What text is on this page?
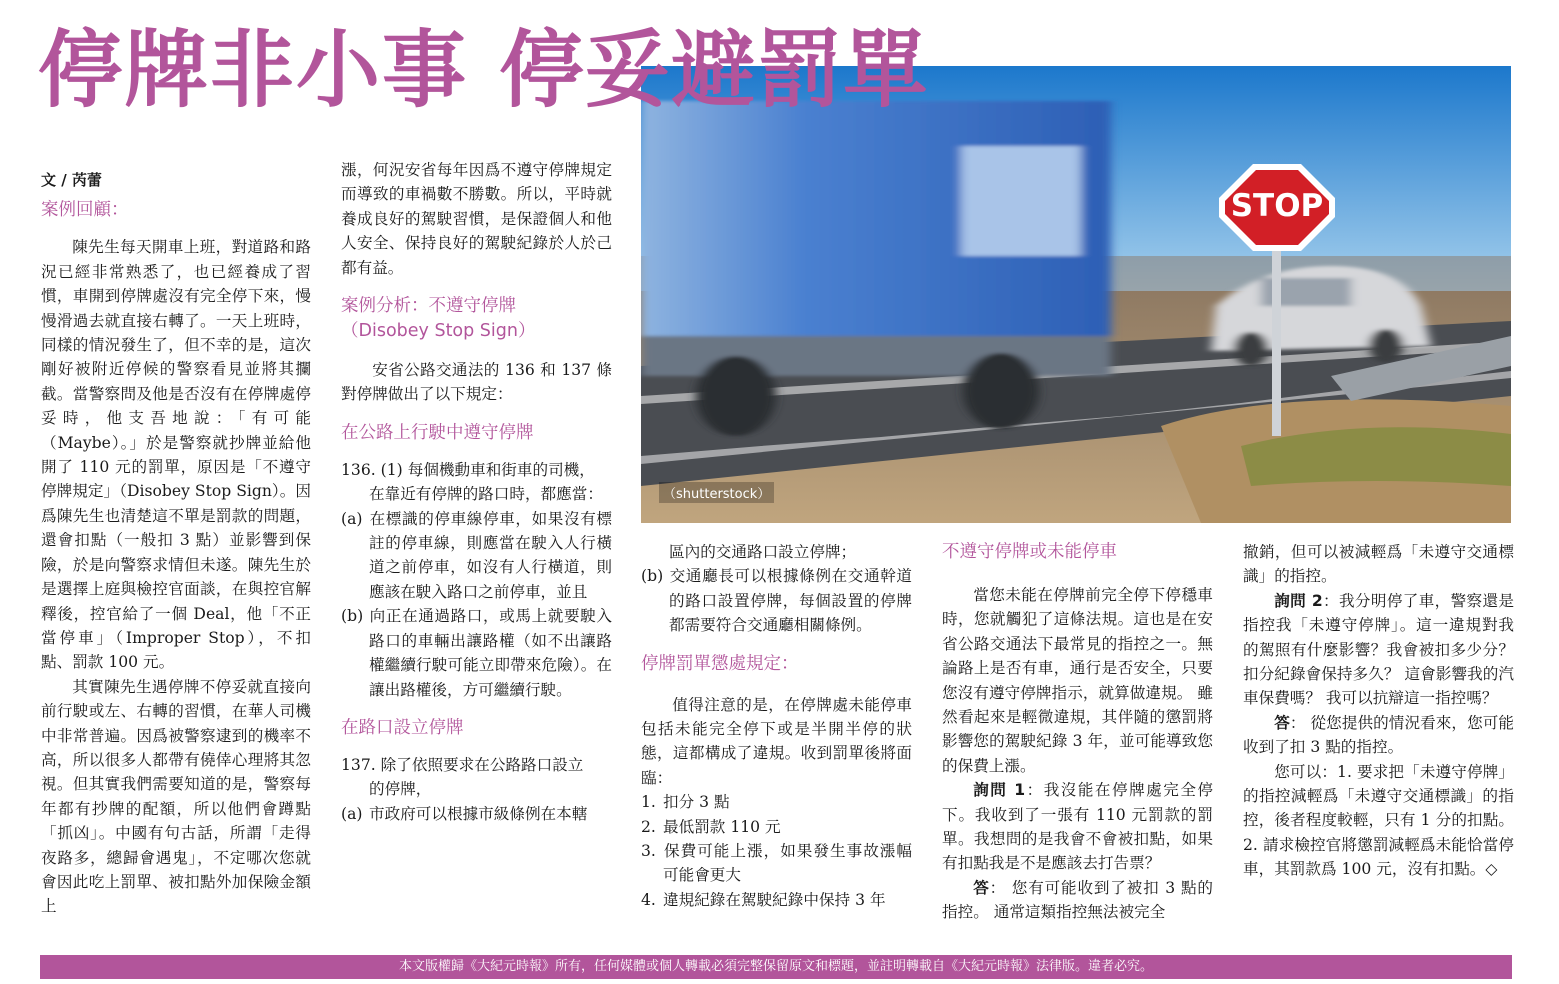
停牌非小事 停妥避罰單
STOP
（shutterstock）

文 / 芮蕾

案例回顧：

陳先生每天開車上班，對道路和路況已經非常熟悉了，也已經養成了習慣，車開到停牌處沒有完全停下來，慢慢滑過去就直接右轉了。一天上班時，同樣的情況發生了，但不幸的是，這次剛好被附近停候的警察看見並將其攔截。當警察問及他是否沒有在停牌處停妥時，他支吾地說：「有可能（Maybe）。」於是警察就抄牌並給他開了 110 元的罰單，原因是「不遵守停牌規定」（Disobey Stop Sign）。因爲陳先生也清楚這不單是罰款的問題，還會扣點（一般扣 3 點）並影響到保險，於是向警察求情但未遂。陳先生於是選擇上庭與檢控官面談，在與控官解釋後，控官給了一個 Deal，他「不正當停車」（Improper Stop），不扣點、罰款 100 元。

其實陳先生遇停牌不停妥就直接向前行駛或左、右轉的習慣，在華人司機中非常普遍。因爲被警察逮到的機率不高，所以很多人都帶有僥倖心理將其忽視。但其實我們需要知道的是，警察每年都有抄牌的配額，所以他們會蹲點「抓凶」。中國有句古話，所謂「走得夜路多，總歸會遇鬼」，不定哪次您就會因此吃上罰單、被扣點外加保險金額上

漲，何況安省每年因爲不遵守停牌規定而導致的車禍數不勝數。所以，平時就養成良好的駕駛習慣，是保證個人和他人安全、保持良好的駕駛紀錄於人於己都有益。

案例分析：不遵守停牌
（Disobey Stop Sign）

安省公路交通法的 136 和 137 條對停牌做出了以下規定：

在公路上行駛中遵守停牌

136. (1) 每個機動車和街車的司機，

在靠近有停牌的路口時，都應當：

(a) 在標識的停車線停車，如果沒有標註的停車線，則應當在駛入人行橫道之前停車，如沒有人行橫道，則應該在駛入路口之前停車，並且

(b) 向正在通過路口，或馬上就要駛入路口的車輛出讓路權（如不出讓路權繼續行駛可能立即帶來危險）。在讓出路權後，方可繼續行駛。

在路口設立停牌

137. 除了依照要求在公路路口設立

的停牌，

(a) 市政府可以根據市級條例在本轄

區內的交通路口設立停牌；

(b) 交通廳長可以根據條例在交通幹道的路口設置停牌，每個設置的停牌都需要符合交通廳相關條例。

停牌罰單懲處規定：

值得注意的是，在停牌處未能停車包括未能完全停下或是半開半停的狀態，這都構成了違規。收到罰單後將面臨：

1. 扣分 3 點

2. 最低罰款 110 元

3. 保費可能上漲，如果發生事故漲幅可能會更大

4. 違規紀錄在駕駛紀錄中保持 3 年

不遵守停牌或未能停車

當您未能在停牌前完全停下停穩車時，您就觸犯了這條法規。這也是在安省公路交通法下最常見的指控之一。無論路上是否有車，通行是否安全，只要您沒有遵守停牌指示，就算做違規。 雖然看起來是輕微違規，其伴隨的懲罰將影響您的駕駛紀錄 3 年，並可能導致您的保費上漲。

詢問 1：我沒能在停牌處完全停下。我收到了一張有 110 元罰款的罰單。我想問的是我會不會被扣點，如果有扣點我是不是應該去打告票？

答： 您有可能收到了被扣 3 點的指控。 通常這類指控無法被完全

撤銷，但可以被減輕爲「未遵守交通標識」的指控。

詢問 2：我分明停了車，警察還是指控我「未遵守停牌」。這一違規對我的駕照有什麼影響？我會被扣多少分？ 扣分紀錄會保持多久？ 這會影響我的汽車保費嗎？ 我可以抗辯這一指控嗎？

答： 從您提供的情況看來，您可能收到了扣 3 點的指控。

您可以：1. 要求把「未遵守停牌」的指控減輕爲「未遵守交通標識」的指控，後者程度較輕，只有 1 分的扣點。 2. 請求檢控官將懲罰減輕爲未能恰當停車，其罰款爲 100 元，沒有扣點。◇

本文版權歸《大紀元時報》所有，任何媒體或個人轉載必須完整保留原文和標題，並註明轉載自《大紀元時報》法律版。違者必究。
